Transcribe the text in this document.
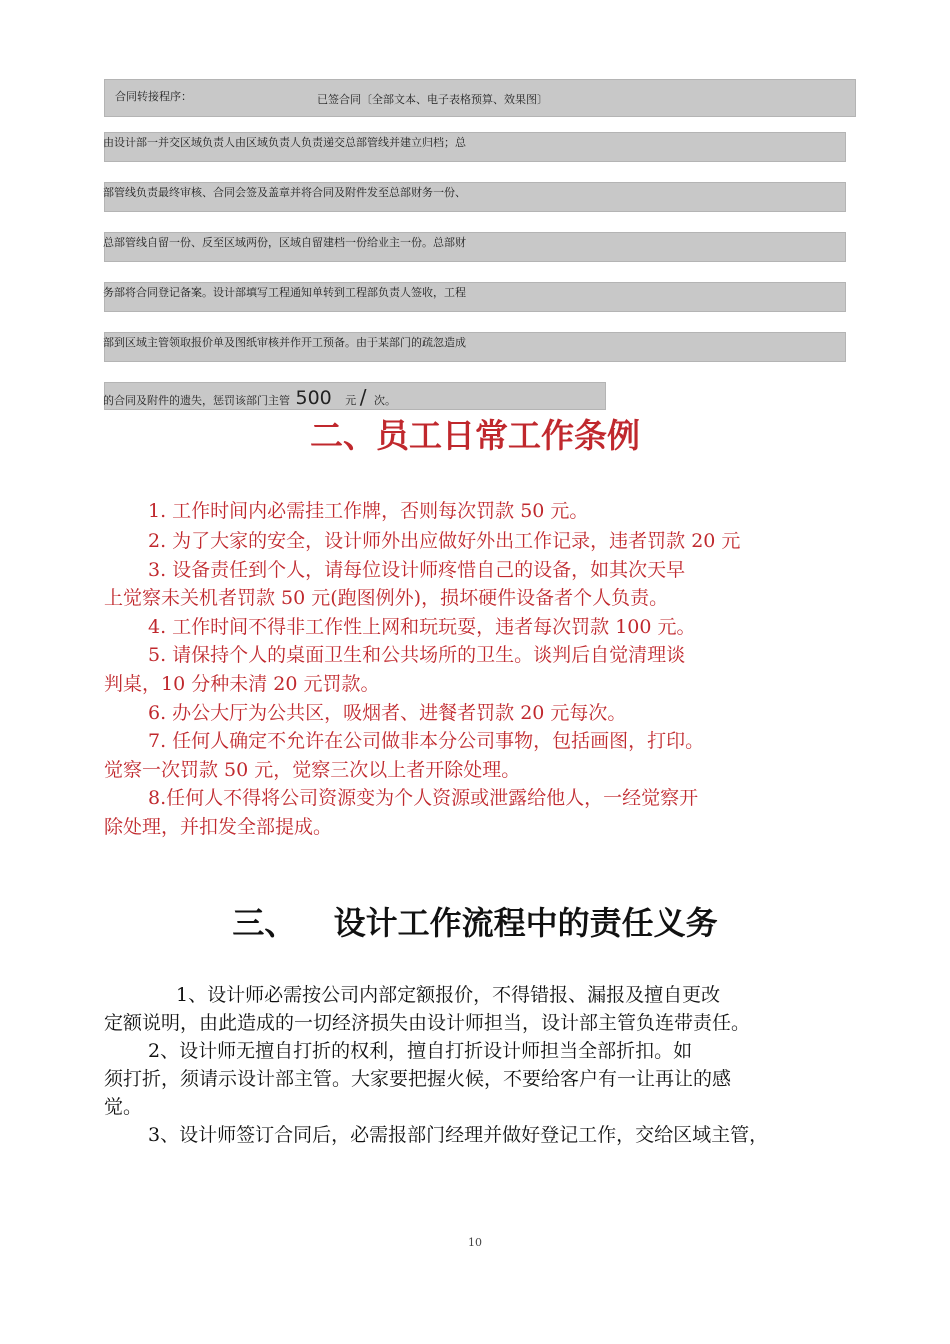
合同转接程序：	已签合同〔全部文本、电子表格预算、效果图〕
由设计部一并交区域负责人由区域负责人负责递交总部管线并建立归档；总
部管线负责最终审核、合同会签及盖章并将合同及附件发至总部财务一份、
总部管线自留一份、反至区域两份，区域自留建档一份给业主一份。总部财
务部将合同登记备案。设计部填写工程通知单转到工程部负责人签收，工程
部到区域主管领取报价单及图纸审核并作开工预备。由于某部门的疏忽造成
的合同及附件的遗失，惩罚该部门主管 500 元 / 次。
二、员工日常工作条例
1. 工作时间内必需挂工作牌，否则每次罚款 50 元。
2. 为了大家的安全，设计师外出应做好外出工作记录，违者罚款 20 元
3. 设备责任到个人，请每位设计师疼惜自己的设备，如其次天早
上觉察未关机者罚款 50 元(跑图例外)，损坏硬件设备者个人负责。
4. 工作时间不得非工作性上网和玩玩耍，违者每次罚款 100 元。
5. 请保持个人的桌面卫生和公共场所的卫生。谈判后自觉清理谈
判桌，10 分种未清 20 元罚款。
6. 办公大厅为公共区，吸烟者、进餐者罚款 20 元每次。
7. 任何人确定不允许在公司做非本分公司事物，包括画图，打印。
觉察一次罚款 50 元，觉察三次以上者开除处理。
8.任何人不得将公司资源变为个人资源或泄露给他人，一经觉察开
除处理，并扣发全部提成。
三、 设计工作流程中的责任义务
1、设计师必需按公司内部定额报价，不得错报、漏报及擅自更改
定额说明，由此造成的一切经济损失由设计师担当，设计部主管负连带责任。
2、设计师无擅自打折的权利，擅自打折设计师担当全部折扣。如
须打折，须请示设计部主管。大家要把握火候，不要给客户有一让再让的感
觉。
3、设计师签订合同后，必需报部门经理并做好登记工作，交给区域主管，
10
